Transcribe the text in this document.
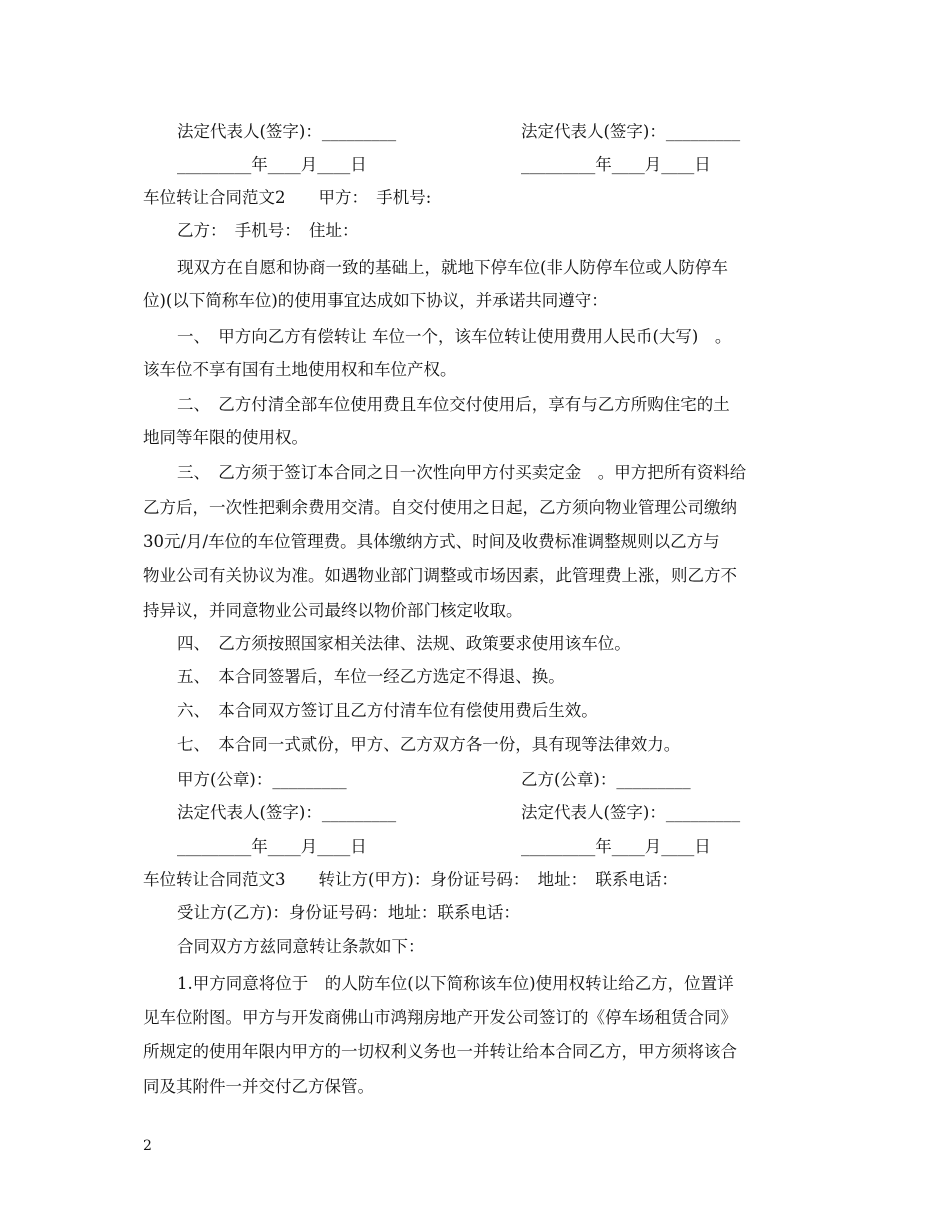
法定代表人(签字)：_________	法定代表人(签字)：_________
_________年____月____日	_________年____月____日
车位转让合同范文2　　甲方：　手机号:
乙方：　手机号：　住址：
现双方在自愿和协商一致的基础上，就地下停车位(非人防停车位或人防停车
位)(以下简称车位)的使用事宜达成如下协议，并承诺共同遵守：
一、　甲方向乙方有偿转让 车位一个，该车位转让使用费用人民币(大写)　。
该车位不享有国有土地使用权和车位产权。
二、　乙方付清全部车位使用费且车位交付使用后，享有与乙方所购住宅的土
地同等年限的使用权。
三、　乙方须于签订本合同之日一次性向甲方付买卖定金　。甲方把所有资料给
乙方后，一次性把剩余费用交清。自交付使用之日起，乙方须向物业管理公司缴纳
30元/月/车位的车位管理费。具体缴纳方式、时间及收费标准调整规则以乙方与
物业公司有关协议为准。如遇物业部门调整或市场因素，此管理费上涨，则乙方不
持异议，并同意物业公司最终以物价部门核定收取。
四、　乙方须按照国家相关法律、法规、政策要求使用该车位。
五、　本合同签署后，车位一经乙方选定不得退、换。
六、　本合同双方签订且乙方付清车位有偿使用费后生效。
七、　本合同一式贰份，甲方、乙方双方各一份，具有现等法律效力。
甲方(公章)：_________	乙方(公章)：_________
法定代表人(签字)：_________	法定代表人(签字)：_________
_________年____月____日	_________年____月____日
车位转让合同范文3　　转让方(甲方)：身份证号码：　地址：　联系电话：
受让方(乙方)：身份证号码：地址：联系电话：
合同双方方兹同意转让条款如下：
1.甲方同意将位于　的人防车位(以下简称该车位)使用权转让给乙方，位置详
见车位附图。甲方与开发商佛山市鸿翔房地产开发公司签订的《停车场租赁合同》
所规定的使用年限内甲方的一切权利义务也一并转让给本合同乙方，甲方须将该合
同及其附件一并交付乙方保管。
2
